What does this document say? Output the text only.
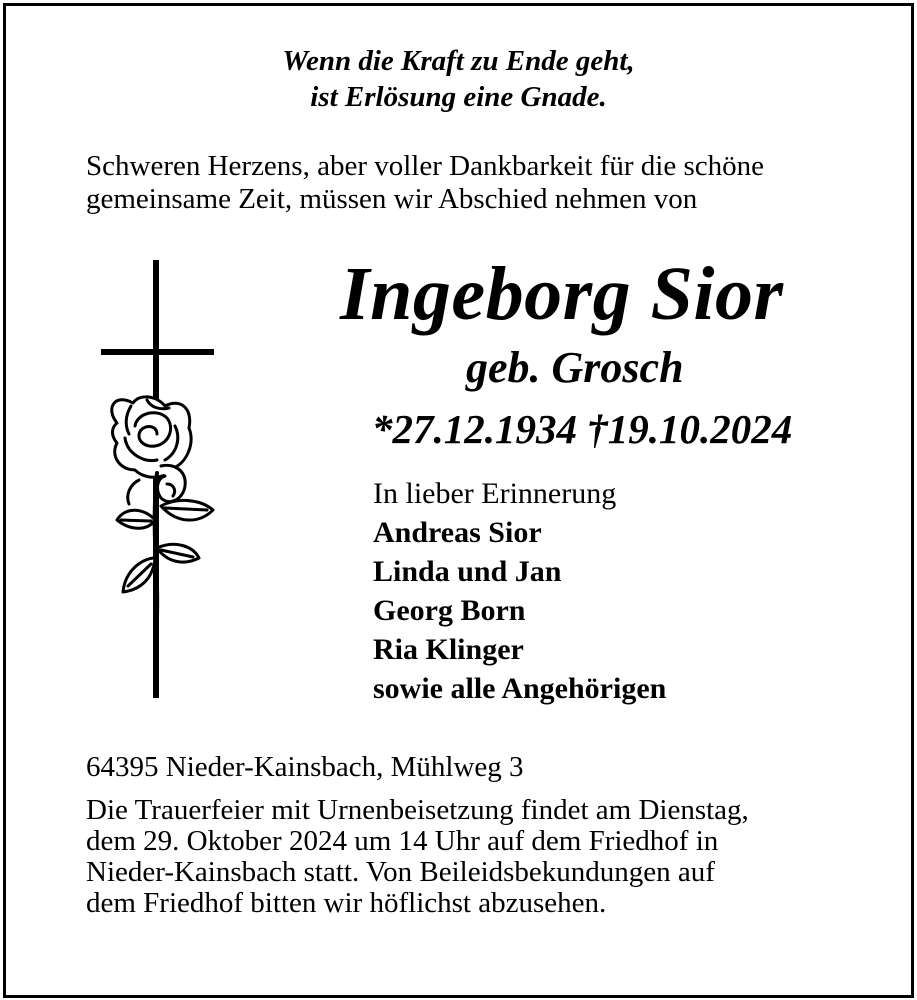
Wenn die Kraft zu Ende geht,
ist Erlösung eine Gnade.
Schweren Herzens, aber voller Dankbarkeit für die schöne
gemeinsame Zeit, müssen wir Abschied nehmen von
Ingeborg Sior
geb. Grosch
*27.12.1934 †19.10.2024
In lieber Erinnerung
Andreas Sior
Linda und Jan
Georg Born
Ria Klinger
sowie alle Angehörigen
64395 Nieder-Kainsbach, Mühlweg 3
Die Trauerfeier mit Urnenbeisetzung findet am Dienstag,
dem 29. Oktober 2024 um 14 Uhr auf dem Friedhof in
Nieder-Kainsbach statt. Von Beileidsbekundungen auf
dem Friedhof bitten wir höflichst abzusehen.
